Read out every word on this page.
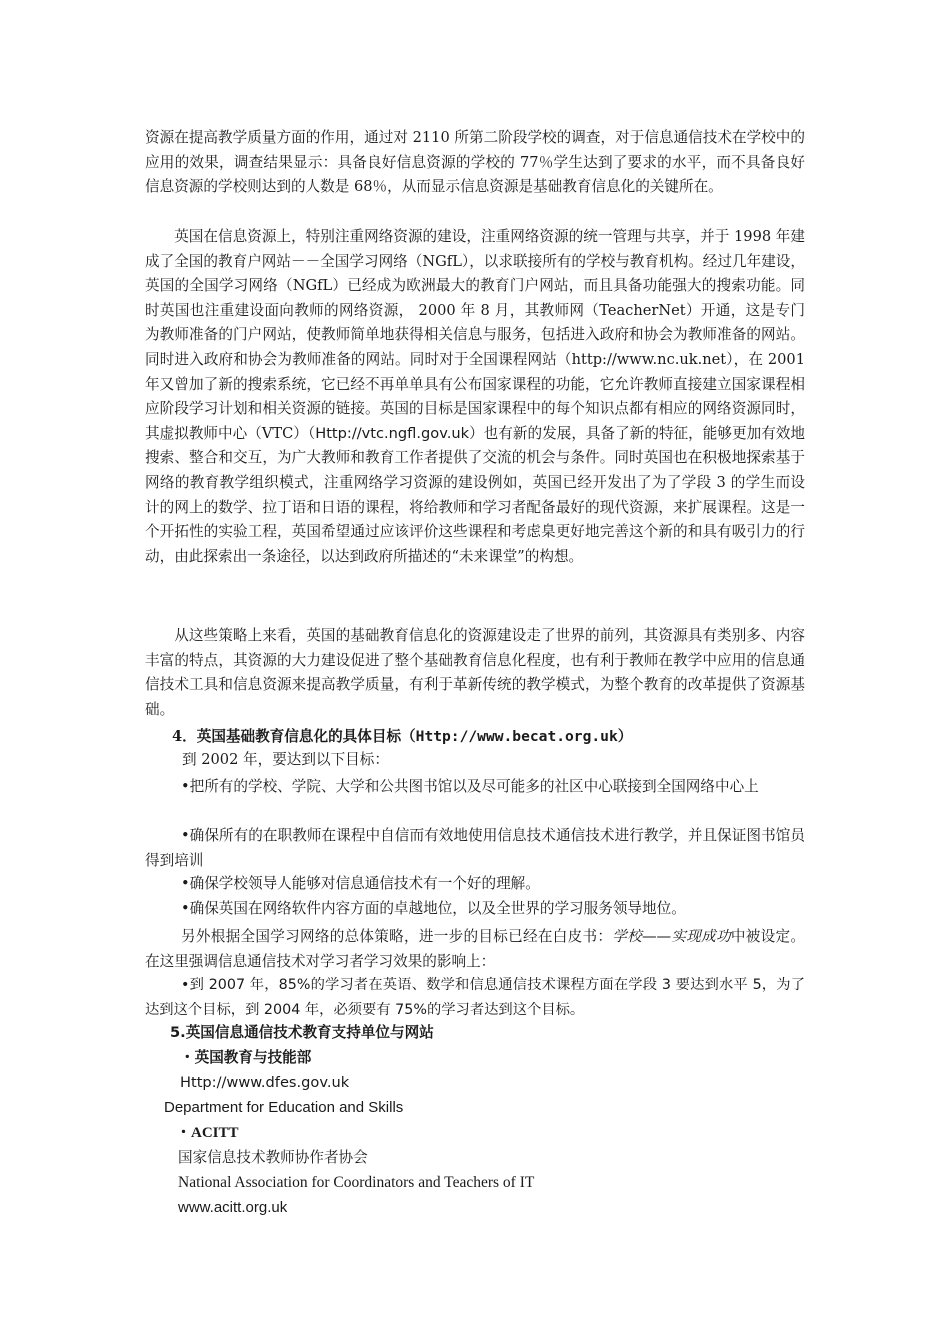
资源在提高教学质量方面的作用，通过对 2110 所第二阶段学校的调查，对于信息通信技术在学校中的应用的效果，调查结果显示：具备良好信息资源的学校的 77％学生达到了要求的水平，而不具备良好信息资源的学校则达到的人数是 68％，从而显示信息资源是基础教育信息化的关键所在。
英国在信息资源上，特别注重网络资源的建设，注重网络资源的统一管理与共享，并于 1998 年建成了全国的教育户网站－－全国学习网络（NGfL），以求联接所有的学校与教育机构。经过几年建设，英国的全国学习网络（NGfL）已经成为欧洲最大的教育门户网站，而且具备功能强大的搜索功能。同时英国也注重建设面向教师的网络资源， 2000 年 8 月，其教师网（TeacherNet）开通，这是专门为教师准备的门户网站，使教师简单地获得相关信息与服务，包括进入政府和协会为教师准备的网站。同时进入政府和协会为教师准备的网站。同时对于全国课程网站（http://www.nc.uk.net），在 2001 年又曾加了新的搜索系统，它已经不再单单具有公布国家课程的功能，它允许教师直接建立国家课程相应阶段学习计划和相关资源的链接。英国的目标是国家课程中的每个知识点都有相应的网络资源同时，其虚拟教师中心（VTC）（Http://vtc.ngfl.gov.uk）也有新的发展，具备了新的特征，能够更加有效地搜索、整合和交互，为广大教师和教育工作者提供了交流的机会与条件。同时英国也在积极地探索基于网络的教育教学组织模式，注重网络学习资源的建设例如，英国已经开发出了为了学段 3 的学生而设计的网上的数学、拉丁语和日语的课程，将给教师和学习者配备最好的现代资源，来扩展课程。这是一个开拓性的实验工程，英国希望通过应该评价这些课程和考虑臬更好地完善这个新的和具有吸引力的行动，由此探索出一条途径，以达到政府所描述的“未来课堂”的构想。
从这些策略上来看，英国的基础教育信息化的资源建设走了世界的前列，其资源具有类别多、内容丰富的特点，其资源的大力建设促进了整个基础教育信息化程度，也有利于教师在教学中应用的信息通信技术工具和信息资源来提高教学质量，有利于革新传统的教学模式，为整个教育的改革提供了资源基础。
4．英国基础教育信息化的具体目标（Http://www.becat.org.uk）
到 2002 年，要达到以下目标：
•把所有的学校、学院、大学和公共图书馆以及尽可能多的社区中心联接到全国网络中心上
•确保所有的在职教师在课程中自信而有效地使用信息技术通信技术进行教学，并且保证图书馆员得到培训
•确保学校领导人能够对信息通信技术有一个好的理解。
•确保英国在网络软件内容方面的卓越地位，以及全世界的学习服务领导地位。
另外根据全国学习网络的总体策略，进一步的目标已经在白皮书：学校——实现成功中被设定。在这里强调信息通信技术对学习者学习效果的影响上：
•到 2007 年，85%的学习者在英语、数学和信息通信技术课程方面在学段 3 要达到水平 5，为了达到这个目标，到 2004 年，必须要有 75%的学习者达到这个目标。
5.英国信息通信技术教育支持单位与网站
・英国教育与技能部
Http://www.dfes.gov.uk
Department for Education and Skills
・ACITT
国家信息技术教师协作者协会
National Association for Coordinators and Teachers of IT
www.acitt.org.uk
